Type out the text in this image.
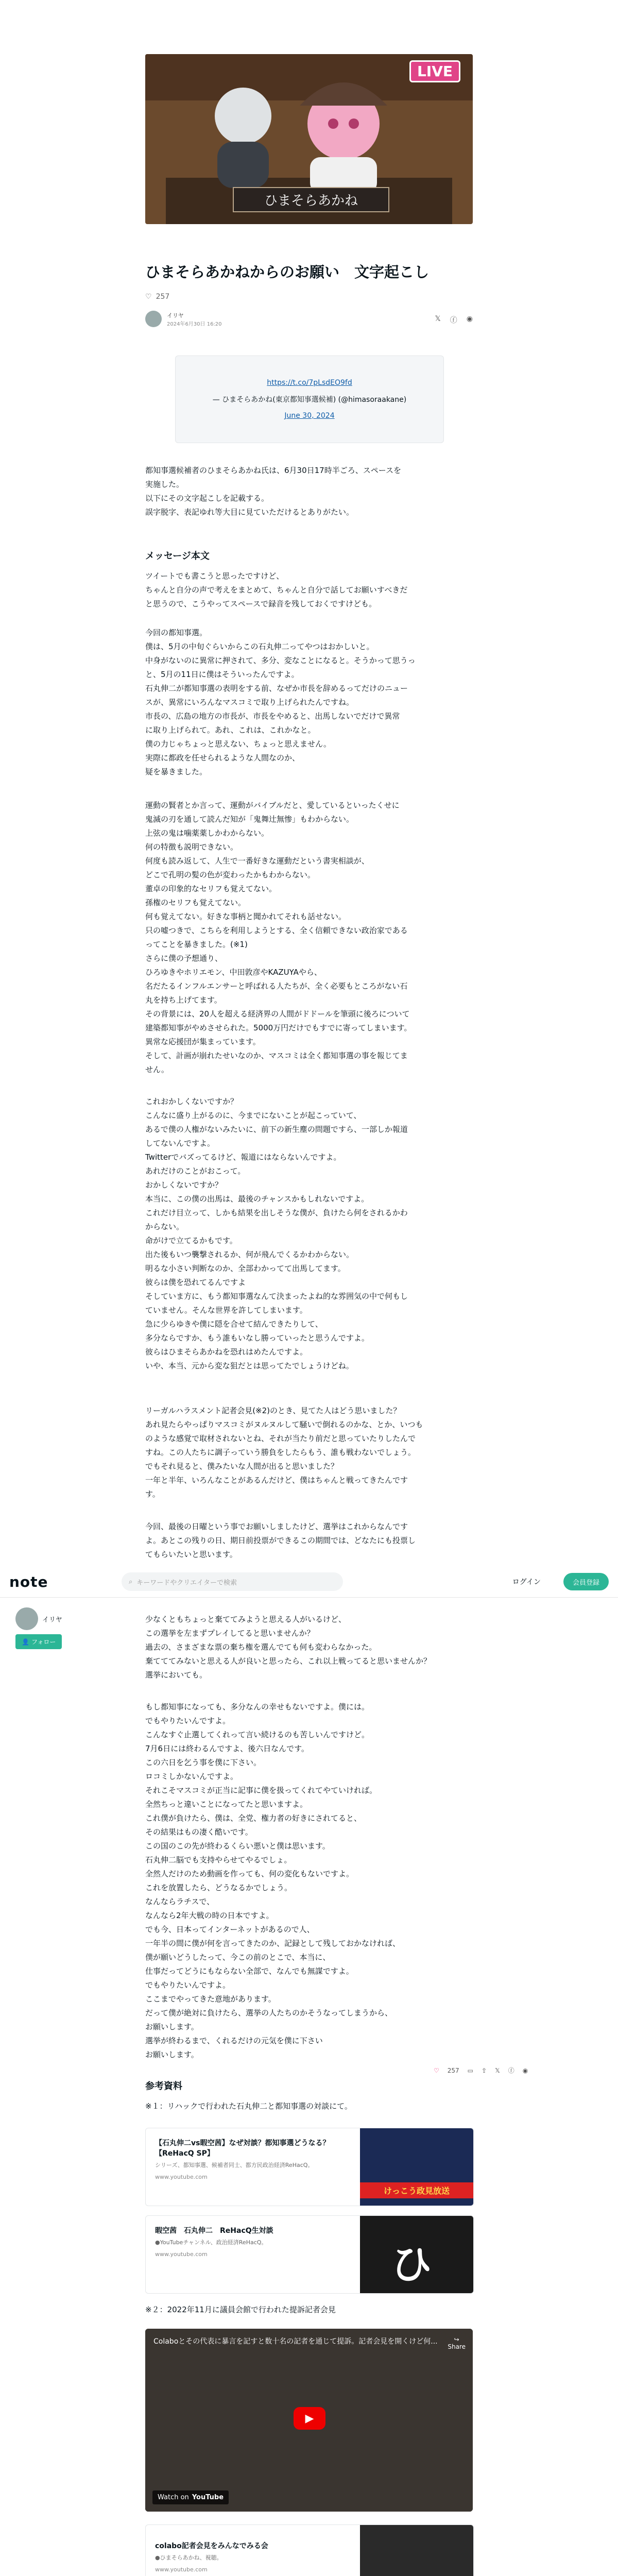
LIVE
ひまそらあかね
ひまそらあかねからのお願い　文字起こし
♡ 257
イリヤ
2024年6月30日 16:20
𝕏 ⓕ ◉
https://t.co/7pLsdEO9fd
— ひまそらあかね(東京都知事選候補) (@himasoraakane)
June 30, 2024

都知事選候補者のひまそらあかね氏は、6月30日17時半ごろ、スペースを

実施した。

以下にその文字起こしを記載する。

誤字脱字、表記ゆれ等大目に見ていただけるとありがたい。

メッセージ本文

ツイートでも書こうと思ったですけど、

ちゃんと自分の声で考えをまとめて、ちゃんと自分で話してお願いすべきだ

と思うので、こうやってスペースで録音を残しておくですけども。

今回の都知事選。

僕は、5月の中旬ぐらいからこの石丸伸二ってやつはおかしいと。

中身がないのに異常に押されて、多分、変なことになると。そうかって思うっ

と、5月の11日に僕はそういったんですよ。

石丸伸二が都知事選の表明をする前、なぜか市長を辞めるってだけのニュー

スが、異常にいろんなマスコミで取り上げられたんですね。

市長の、広島の地方の市長が、市長をやめると、出馬しないでだけで異常

に取り上げられて。あれ、これは、これかなと。

僕の力じゃちょっと思えない、ちょっと思えません。

実際に都政を任せられるような人間なのか、

疑を暴きました。

運動の賢者とか言って、運動がバイブルだと、愛しているといったくせに

鬼滅の刃を通して読んだ知が「鬼舞辻無惨」もわからない。

上弦の鬼は噛薬薬しかわからない。

何の特徴も説明できない。

何度も読み返して、人生で一番好きな運動だという書実相談が、

どこで孔明の髪の色が変わったかもわからない。

董卓の印象的なセリフも覚えてない。

孫権のセリフも覚えてない。

何も覚えてない。好きな事柄と聞かれてそれも話せない。

只の嘘つきで、こちらを利用しようとする、全く信頼できない政治家である

ってことを暴きました。(※1)

さらに僕の予想通り、

ひろゆきやホリエモン、中田敦彦やKAZUYAやら、

名だたるインフルエンサーと呼ばれる人たちが、全く必要もところがない石

丸を持ち上げてます。

その背景には、20人を超える経済界の人間がドドールを筆頭に後ろについて

建築都知事がやめさせられた。5000万円だけでもすでに寄ってしまいます。

異常な応援団が集まっています。

そして、計画が崩れたせいなのか、マスコミは全く都知事選の事を報じてま

せん。

これおかしくないですか？

こんなに盛り上がるのに、今までにないことが起こっていて、

あるで僕の人権がないみたいに、前下の新生塵の問題ですら、一部しか報道

してないんですよ。

Twitterでバズってるけど、報道にはならないんですよ。

あれだけのことがおこって。

おかしくないですか？

本当に、この僕の出馬は、最後のチャンスかもしれないですよ。

これだけ目立って、しかも結果を出しそうな僕が、負けたら何をされるかわ

からない。

命がけで立てるかもです。

出た後もいつ襲撃されるか、何が飛んでくるかわからない。

明るな小さい判断なのか、全部わかってて出馬してます。

彼らは僕を恐れてるんですよ

そしていま方に、もう都知事選なんて決まったよね的な雰囲気の中で何もし

ていません。そんな世界を許してしまいます。

急に少らゆきや僕に隠を合せて結んできたりして、

多分ならですか、もう誰もいなし勝っていったと思うんですよ。

彼らはひまそらあかねを恐れはめたんですよ。

いや、本当、元から変な狙だとは思ってたでしょうけどね。

リーガルハラスメント記者会見(※2)のとき、見てた人はどう思いました？

あれ見たらやっぱりマスコミがヌルヌルして騒いで倒れるのかな、とか、いつも

のような感覚で取材されないとね、それが当たり前だと思っていたりしたんで

すね。この人たちに調子っていう勝負をしたらもう、誰も戦わないでしょう。

でもそれ見ると、僕みたいな人間が出ると思いました？

一年と半年、いろんなことがあるんだけど、僕はちゃんと戦ってきたんです

す。

今回、最後の日曜という事でお願いしましたけど、選挙はこれからなんです

よ。あとこの残りの日、期日前投票ができるこの期間では、どなたにも投票し

てもらいたいと思います。

note	⌕ キーワードやクリエイターで検索	ログイン	会員登録
イリヤ
👤 フォロー

少なくともちょっと棄ててみようと思える人がいるけど、

この選挙を左まずプレイしてると思いませんか？

過去の、さまざまな票の棄ち権を選んでても何も変わらなかった。

棄てててみないと思える人が良いと思ったら、これ以上戦ってると思いませんか？

選挙においても。

もし都知事になっても、多分なんの幸せもないですよ。僕には。

でもやりたいんですよ。

こんなすぐ止選してくれって言い続けるのも苦しいんですけど。

7月6日には終わるんですよ、後六日なんです。

この六日を乞う事を僕に下さい。

ロコミしかないんですよ。

それこそマスコミが正当に記事に僕を扱ってくれてやていければ。

全然ちっと違いことになってたと思いますよ。

これ僕が負けたら、僕は、全党、権力者の好きにされてると、

その結果はもの凄く酷いです。

この国のこの先が終わるくらい悪いと僕は思います。

石丸伸二脳でも支持やらせてやるでしょ。

全然人だけのため動画を作っても、何の変化もないですよ。

これを放置したら、どうなるかでしょう。

なんならラチスで、

なんなら2年大戦の時の日本ですよ。

でも今、日本ってインターネットがあるので人、

一年半の間に僕が何を言ってきたのか、記録として残しておかなければ、

僕が願いどうしたって、今この前のとこで、本当に、

仕事だってどうにもならない全部で、なんでも無謀ですよ。

でもやりたいんですよ。

ここまでやってきた意地があります。

だって僕が絶対に負けたら、選挙の人たちのかそうなってしまうから、

お願いします。

選挙が終わるまで、くれるだけの元気を僕に下さい

お願いします。

♡ 257 ▭ ⇪ 𝕏 ⓕ ◉
参考資料

※１：リハックで行われた石丸伸二と都知事選の対談にて。

【石丸伸二vs暇空茜】なぜ対談？都知事選どうなる？【ReHacQ SP】
シリーズ、都知事選、候補者同士、都方民政治経済ReHacQ。
www.youtube.com
けっこう政見放送
暇空茜　石丸伸二　ReHacQ生対談
●YouTubeチャンネル、政治経済ReHacQ。
www.youtube.com	ひ

※２：2022年11月に議員会館で行われた提訴記者会見

Colaboとその代表に暴言を記すと数十名の記者を通じて提訴。記者会見を開くけど何...	↪
Share
▶
Watch on YouTube
colabo記者会見をみんなでみる会
●ひまそらあかね、視聴。
www.youtube.com
